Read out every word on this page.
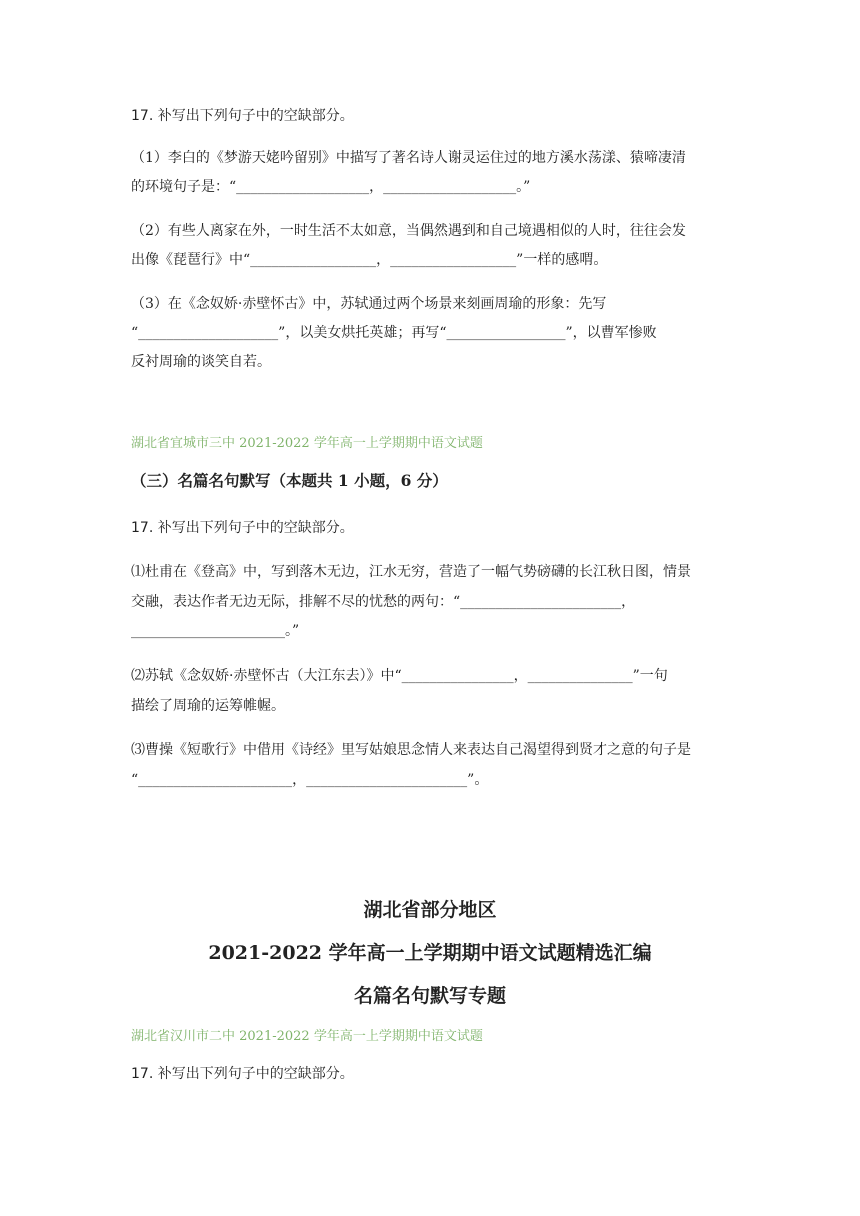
17. 补写出下列句子中的空缺部分。
（1）李白的《梦游天姥吟留别》中描写了著名诗人谢灵运住过的地方溪水荡漾、猿啼凄清
的环境句子是：“___________________，___________________。”
（2）有些人离家在外，一时生活不太如意，当偶然遇到和自己境遇相似的人时，往往会发
出像《琵琶行》中“__________________，__________________”一样的感喟。
（3）在《念奴娇·赤壁怀古》中，苏轼通过两个场景来刻画周瑜的形象：先写
“____________________”，以美女烘托英雄；再写“_________________”，以曹军惨败
反衬周瑜的谈笑自若。
湖北省宜城市三中 2021-2022 学年高一上学期期中语文试题
（三）名篇名句默写（本题共 1 小题，6 分）
17. 补写出下列句子中的空缺部分。
⑴杜甫在《登高》中，写到落木无边，江水无穷，营造了一幅气势磅礴的长江秋日图，情景
交融，表达作者无边无际，排解不尽的忧愁的两句：“_______________________，
______________________。”
⑵苏轼《念奴娇·赤壁怀古（大江东去）》中“________________，_______________”一句
描绘了周瑜的运筹帷幄。
⑶曹操《短歌行》中借用《诗经》里写姑娘思念情人来表达自己渴望得到贤才之意的句子是
“______________________，_______________________”。
湖北省部分地区
2021-2022 学年高一上学期期中语文试题精选汇编
名篇名句默写专题
湖北省汉川市二中 2021-2022 学年高一上学期期中语文试题
17. 补写出下列句子中的空缺部分。
